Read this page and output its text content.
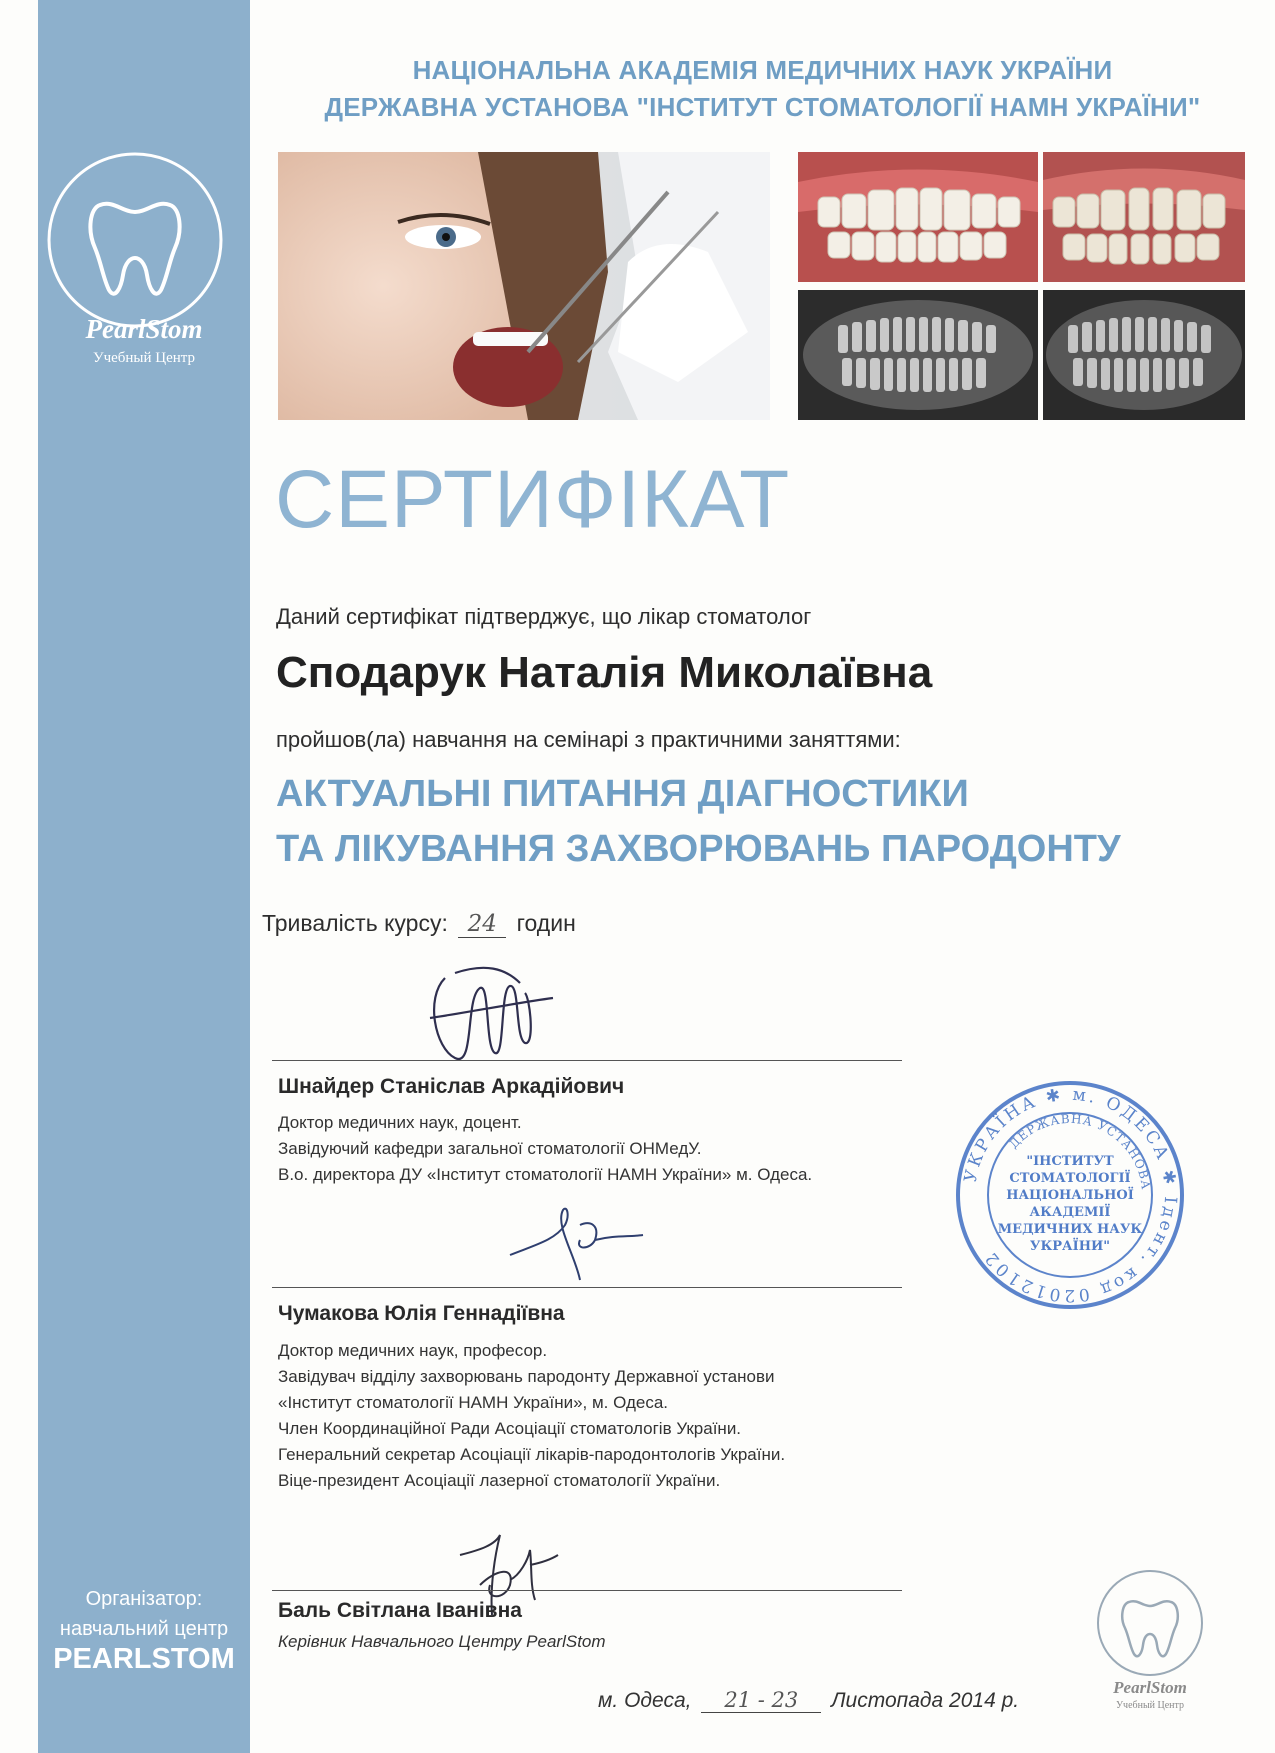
PearlStom
Учебный Центр
Організатор:
навчальний центр
PEARLSTOM
НАЦІОНАЛЬНА АКАДЕМІЯ МЕДИЧНИХ НАУК УКРАЇНИ
ДЕРЖАВНА УСТАНОВА "ІНСТИТУТ СТОМАТОЛОГІЇ НАМН УКРАЇНИ"
СЕРТИФІКАТ
Даний сертифікат підтверджує, що лікар стоматолог
Сподарук Наталія Миколаївна
пройшов(ла) навчання на семінарі з практичними заняттями:
АКТУАЛЬНІ ПИТАННЯ ДІАГНОСТИКИ
ТА ЛІКУВАННЯ ЗАХВОРЮВАНЬ ПАРОДОНТУ
Тривалість курсу: 24 годин
Шнайдер Станіслав Аркадійович
Доктор медичних наук, доцент.
Завідуючий кафедри загальної стоматології ОНМедУ.
В.о. директора ДУ «Інститут стоматології НАМН України» м. Одеса.
Чумакова Юлія Геннадіївна
Доктор медичних наук, професор.
Завідувач відділу захворювань пародонту Державної установи
«Інститут стоматології НАМН України», м. Одеса.
Член Координаційної Ради Асоціації стоматологів України.
Генеральний секретар Асоціації лікарів-пародонтологів України.
Віце-президент Асоціації лазерної стоматології України.
Баль Світлана Іванівна
Керівник Навчального Центру PearlStom
УКРАЇНА ✱ м. ОДЕСА ✱ Ідент. код 02012102
ДЕРЖАВНА УСТАНОВА
"ІНСТИТУТ
СТОМАТОЛОГІЇ
НАЦІОНАЛЬНОЇ
АКАДЕМІЇ
МЕДИЧНИХ НАУК
УКРАЇНИ"
PearlStom
Учебный Центр
м. Одеса, 21 - 23 Листопада 2014 р.
